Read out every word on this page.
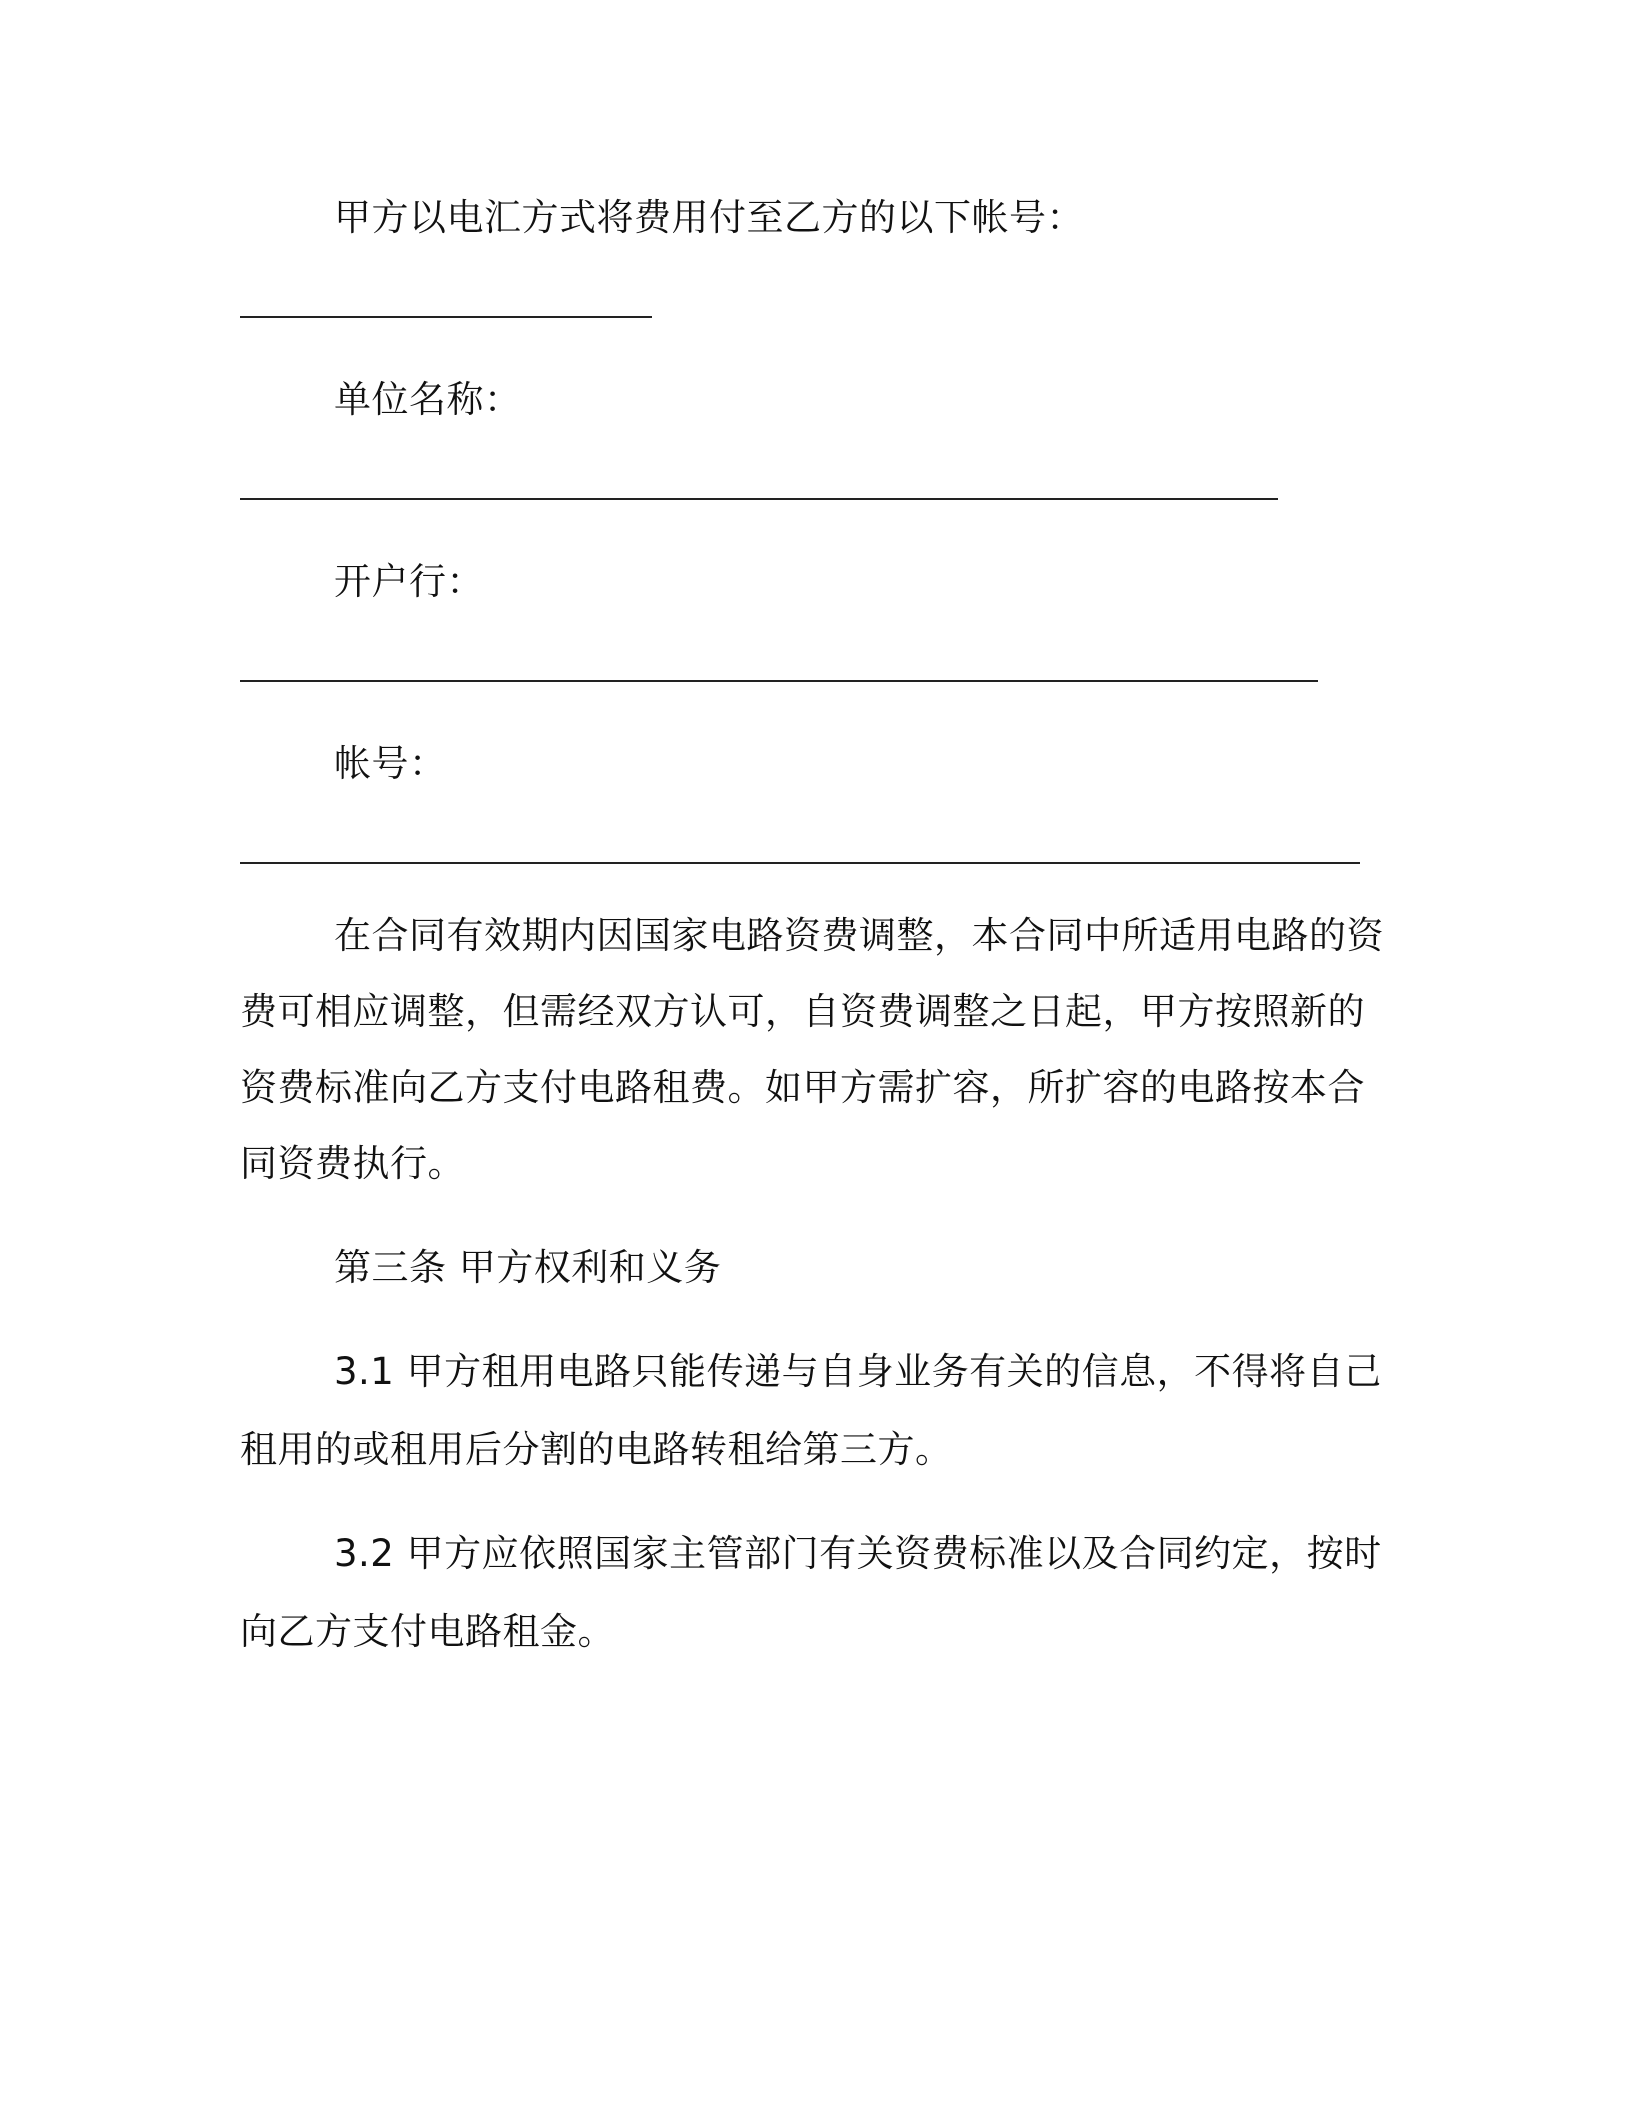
甲方以电汇方式将费用付至乙方的以下帐号：
单位名称：
开户行：
帐号：
在合同有效期内因国家电路资费调整，本合同中所适用电路的资
费可相应调整，但需经双方认可，自资费调整之日起，甲方按照新的
资费标准向乙方支付电路租费。如甲方需扩容，所扩容的电路按本合
同资费执行。
第三条 甲方权利和义务
3.1 甲方租用电路只能传递与自身业务有关的信息，不得将自己
租用的或租用后分割的电路转租给第三方。
3.2 甲方应依照国家主管部门有关资费标准以及合同约定，按时
向乙方支付电路租金。
